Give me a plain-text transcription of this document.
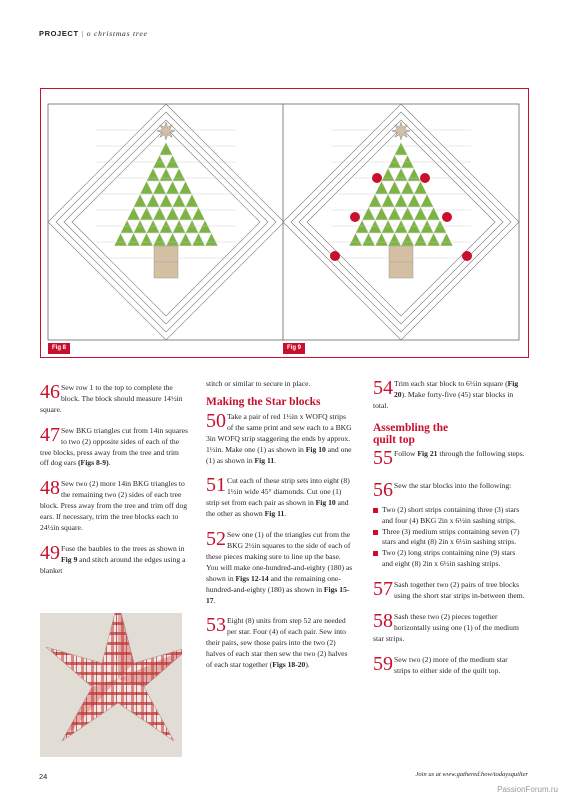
PROJECT | o christmas tree
Fig 8	Fig 9
46 Sew row 1 to the top to complete the block. The block should measure 14½in square.
47 Sew BKG triangles cut from 14in squares to two (2) opposite sides of each of the tree blocks, press away from the tree and trim off dog ears (Figs 8-9).
48 Sew two (2) more 14in BKG triangles to the remaining two (2) sides of each tree block. Press away from the tree and trim off dog ears. If necessary, trim the tree blocks each to 24½in square.
49 Fuse the baubles to the trees as shown in Fig 9 and stitch around the edges using a blanket
stitch or similar to secure in place.
Making the Star blocks
50 Take a pair of red 1½in x WOFQ strips of the same print and sew each to a BKG 3in WOFQ strip staggering the ends by approx. 1½in. Make one (1) as shown in Fig 10 and one (1) as shown in Fig 11.
51 Cut each of these strip sets into eight (8) 1½in wide 45° diamonds. Cut one (1) strip set from each pair as shown in Fig 10 and the other as shown Fig 11.
52 Sew one (1) of the triangles cut from the BKG 2½in squares to the side of each of these pieces making sure to line up the base. You will make one-hundred-and-eighty (180) as shown in Figs 12-14 and the remaining one-hundred-and-eighty (180) as shown in Figs 15-17.
53 Eight (8) units from step 52 are needed per star. Four (4) of each pair. Sew into their pairs, sew those pairs into the two (2) halves of each star then sew the two (2) halves of each star together (Figs 18-20).
54 Trim each star block to 6½in square (Fig 20). Make forty-five (45) star blocks in total.
Assembling the
quilt top
55 Follow Fig 21 through the following steps.
56 Sew the star blocks into the following:
Two (2) short strips containing three (3) stars and four (4) BKG 2in x 6½in sashing strips.
Three (3) medium strips containing seven (7) stars and eight (8) 2in x 6½in sashing strips.
Two (2) long strips containing nine (9) stars and eight (8) 2in x 6½in sashing strips.
57 Sash together two (2) pairs of tree blocks using the short star strips in-between them.
58 Sash these two (2) pieces together horizontally using one (1) of the medium star strips.
59 Sew two (2) more of the medium star strips to either side of the quilt top.
24	Join us at www.gathered.how/todaysquilter
PassionForum.ru
